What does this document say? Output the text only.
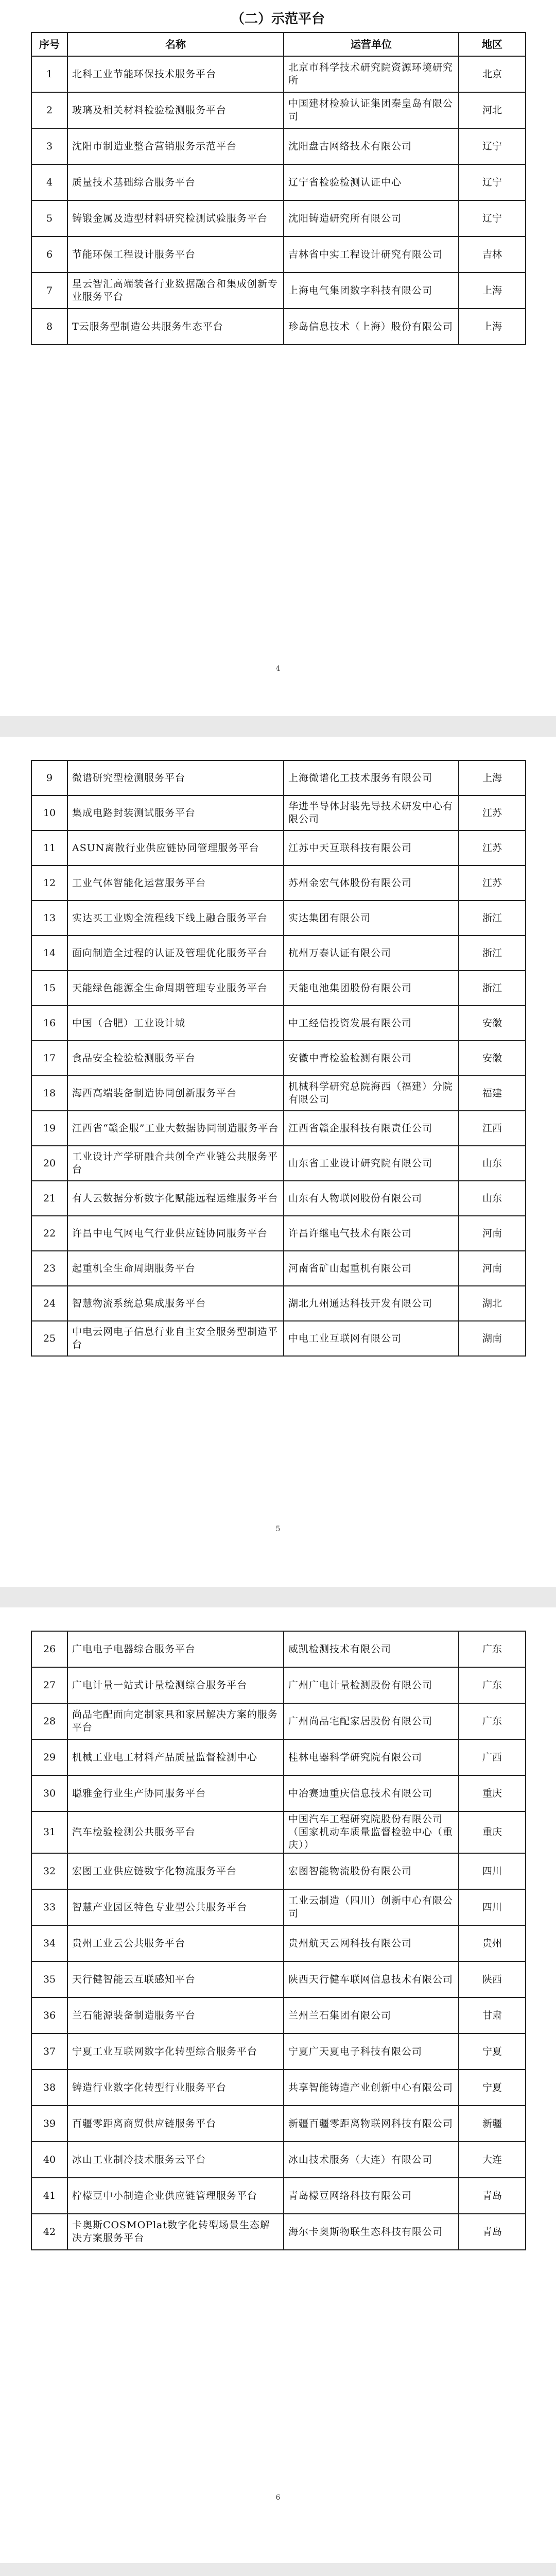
（二）示范平台
序号	名称	运营单位	地区
1	北科工业节能环保技术服务平台	北京市科学技术研究院资源环境研究所	北京
2	玻璃及相关材料检验检测服务平台	中国建材检验认证集团秦皇岛有限公司	河北
3	沈阳市制造业整合营销服务示范平台	沈阳盘古网络技术有限公司	辽宁
4	质量技术基础综合服务平台	辽宁省检验检测认证中心	辽宁
5	铸锻金属及造型材料研究检测试验服务平台	沈阳铸造研究所有限公司	辽宁
6	节能环保工程设计服务平台	吉林省中实工程设计研究有限公司	吉林
7	星云智汇高端装备行业数据融合和集成创新专业服务平台	上海电气集团数字科技有限公司	上海
8	T云服务型制造公共服务生态平台	珍岛信息技术（上海）股份有限公司	上海
4
9	微谱研究型检测服务平台	上海微谱化工技术服务有限公司	上海
10	集成电路封装测试服务平台	华进半导体封装先导技术研发中心有限公司	江苏
11	ASUN离散行业供应链协同管理服务平台	江苏中天互联科技有限公司	江苏
12	工业气体智能化运营服务平台	苏州金宏气体股份有限公司	江苏
13	实达买工业购全流程线下线上融合服务平台	实达集团有限公司	浙江
14	面向制造全过程的认证及管理优化服务平台	杭州万泰认证有限公司	浙江
15	天能绿色能源全生命周期管理专业服务平台	天能电池集团股份有限公司	浙江
16	中国（合肥）工业设计城	中工经信投资发展有限公司	安徽
17	食品安全检验检测服务平台	安徽中青检验检测有限公司	安徽
18	海西高端装备制造协同创新服务平台	机械科学研究总院海西（福建）分院有限公司	福建
19	江西省“赣企服”工业大数据协同制造服务平台	江西省赣企服科技有限责任公司	江西
20	工业设计产学研融合共创全产业链公共服务平台	山东省工业设计研究院有限公司	山东
21	有人云数据分析数字化赋能远程运维服务平台	山东有人物联网股份有限公司	山东
22	许昌中电气网电气行业供应链协同服务平台	许昌许继电气技术有限公司	河南
23	起重机全生命周期服务平台	河南省矿山起重机有限公司	河南
24	智慧物流系统总集成服务平台	湖北九州通达科技开发有限公司	湖北
25	中电云网电子信息行业自主安全服务型制造平台	中电工业互联网有限公司	湖南
5
26	广电电子电器综合服务平台	威凯检测技术有限公司	广东
27	广电计量一站式计量检测综合服务平台	广州广电计量检测股份有限公司	广东
28	尚品宅配面向定制家具和家居解决方案的服务平台	广州尚品宅配家居股份有限公司	广东
29	机械工业电工材料产品质量监督检测中心	桂林电器科学研究院有限公司	广西
30	聪雅金行业生产协同服务平台	中冶赛迪重庆信息技术有限公司	重庆
31	汽车检验检测公共服务平台	中国汽车工程研究院股份有限公司（国家机动车质量监督检验中心（重庆））	重庆
32	宏图工业供应链数字化物流服务平台	宏图智能物流股份有限公司	四川
33	智慧产业园区特色专业型公共服务平台	工业云制造（四川）创新中心有限公司	四川
34	贵州工业云公共服务平台	贵州航天云网科技有限公司	贵州
35	天行健智能云互联感知平台	陕西天行健车联网信息技术有限公司	陕西
36	兰石能源装备制造服务平台	兰州兰石集团有限公司	甘肃
37	宁夏工业互联网数字化转型综合服务平台	宁夏广天夏电子科技有限公司	宁夏
38	铸造行业数字化转型行业服务平台	共享智能铸造产业创新中心有限公司	宁夏
39	百疆零距离商贸供应链服务平台	新疆百疆零距离物联网科技有限公司	新疆
40	冰山工业制冷技术服务云平台	冰山技术服务（大连）有限公司	大连
41	柠檬豆中小制造企业供应链管理服务平台	青岛檬豆网络科技有限公司	青岛
42	卡奥斯COSMOPlat数字化转型场景生态解决方案服务平台	海尔卡奥斯物联生态科技有限公司	青岛
6
